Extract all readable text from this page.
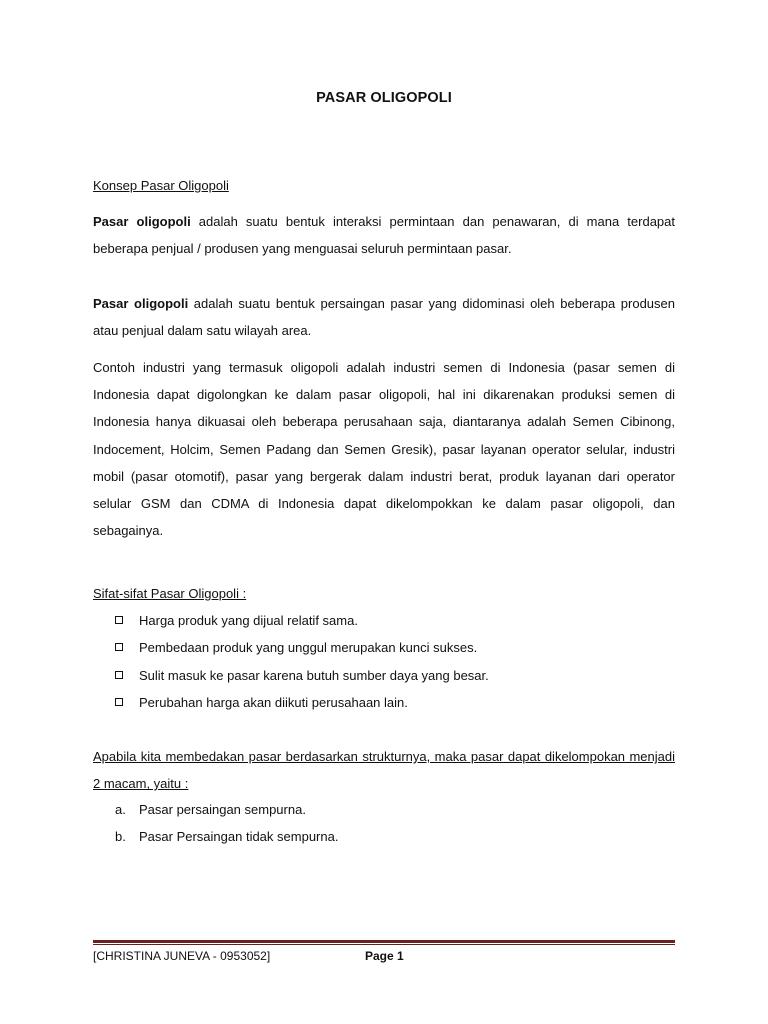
PASAR OLIGOPOLI
Konsep Pasar Oligopoli

Pasar oligopoli adalah suatu bentuk interaksi permintaan dan penawaran, di mana terdapat beberapa penjual / produsen yang menguasai seluruh permintaan pasar.

Pasar oligopoli adalah suatu bentuk persaingan pasar yang didominasi oleh beberapa produsen atau penjual dalam satu wilayah area.

Contoh industri yang termasuk oligopoli adalah industri semen di Indonesia (pasar semen di Indonesia dapat digolongkan ke dalam pasar oligopoli, hal ini dikarenakan produksi semen di Indonesia hanya dikuasai oleh beberapa perusahaan saja, diantaranya adalah Semen Cibinong, Indocement, Holcim, Semen Padang dan Semen Gresik), pasar layanan operator selular, industri mobil (pasar otomotif), pasar yang bergerak dalam industri berat, produk layanan dari operator selular GSM dan CDMA di Indonesia dapat dikelompokkan ke dalam pasar oligopoli, dan sebagainya.

Sifat-sifat Pasar Oligopoli :
Harga produk yang dijual relatif sama.
Pembedaan produk yang unggul merupakan kunci sukses.
Sulit masuk ke pasar karena butuh sumber daya yang besar.
Perubahan harga akan diikuti perusahaan lain.

Apabila kita membedakan pasar berdasarkan strukturnya, maka pasar dapat dikelompokan menjadi 2 macam, yaitu :

a. Pasar persaingan sempurna.
b. Pasar Persaingan tidak sempurna.
[CHRISTINA JUNEVA - 0953052]	Page 1
